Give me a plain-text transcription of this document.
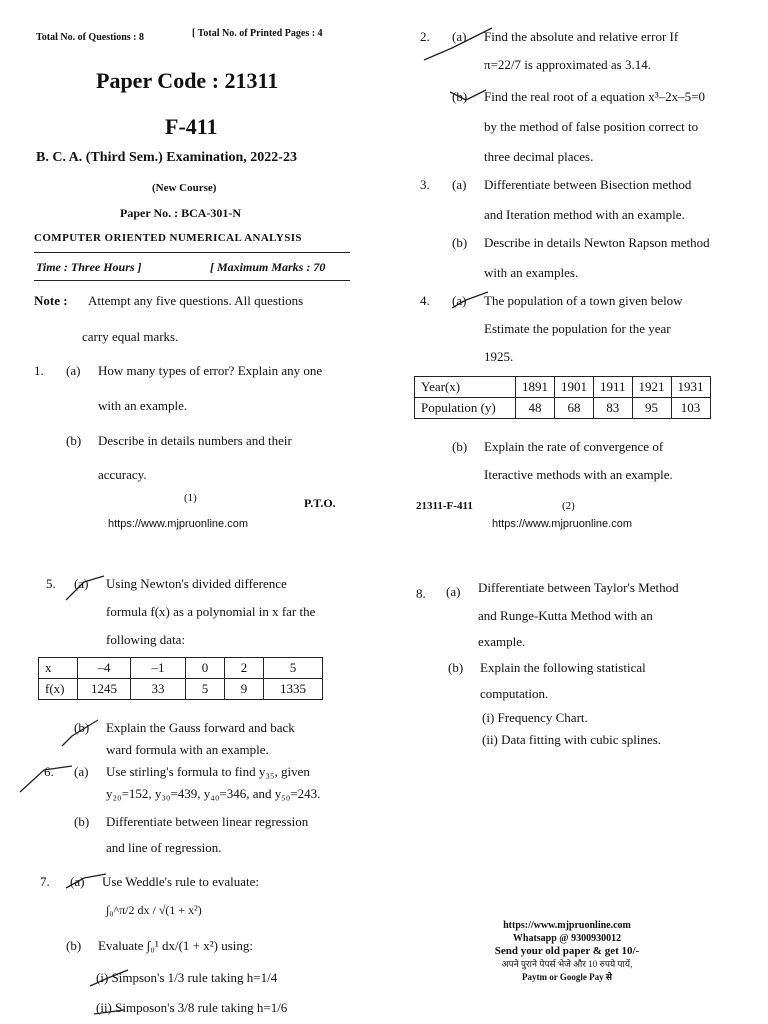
Total No. of Questions : 8	[ Total No. of Printed Pages : 4
Paper Code : 21311
F-411
B. C. A. (Third Sem.) Examination, 2022-23
(New Course)
Paper No. : BCA-301-N
COMPUTER ORIENTED NUMERICAL ANALYSIS
Time : Three Hours ]	[ Maximum Marks : 70
Note : Attempt any five questions. All questions
carry equal marks.
1. (a) How many types of error? Explain any one
with an example.
(b) Describe in details numbers and their
accuracy.
(1)	P.T.O.
https://www.mjpruonline.com
2. (a) Find the absolute and relative error If
π=22/7 is approximated as 3.14.
(b) Find the real root of a equation x³–2x–5=0
by the method of false position correct to
three decimal places.
3. (a) Differentiate between Bisection method
and Iteration method with an example.
(b) Describe in details Newton Rapson method
with an examples.
4. (a) The population of a town given below
Estimate the population for the year
1925.
Year(x)	1891	1901	1911	1921	1931
Population (y)	48	68	83	95	103
(b) Explain the rate of convergence of
Iteractive methods with an example.
21311-F-411	(2)
https://www.mjpruonline.com
5. (a) Using Newton's divided difference
formula f(x) as a polynomial in x far the
following data:
x	–4	–1	0	2	5
f(x)	1245	33	5	9	1335
(b) Explain the Gauss forward and back
ward formula with an example.
6. (a) Use stirling's formula to find y₃₅, given
y₂₀=152, y₃₀=439, y₄₀=346, and y₅₀=243.
(b) Differentiate between linear regression
and line of regression.
7. (a) Use Weddle's rule to evaluate:
∫₀^π/2 dx / √(1 + x²)
(b) Evaluate ∫₀¹ dx/(1 + x²) using:
(i) Simpson's 1/3 rule taking h=1/4
(ii) Simposon's 3/8 rule taking h=1/6
8. (a) Differentiate between Taylor's Method
and Runge-Kutta Method with an
example.
(b) Explain the following statistical
computation.
(i) Frequency Chart.
(ii) Data fitting with cubic splines.
https://www.mjpruonline.com
Whatsapp @ 9300930012
Send your old paper & get 10/-
अपने पुराने पेपर्स भेजे और 10 रुपये पायें,
Paytm or Google Pay से
